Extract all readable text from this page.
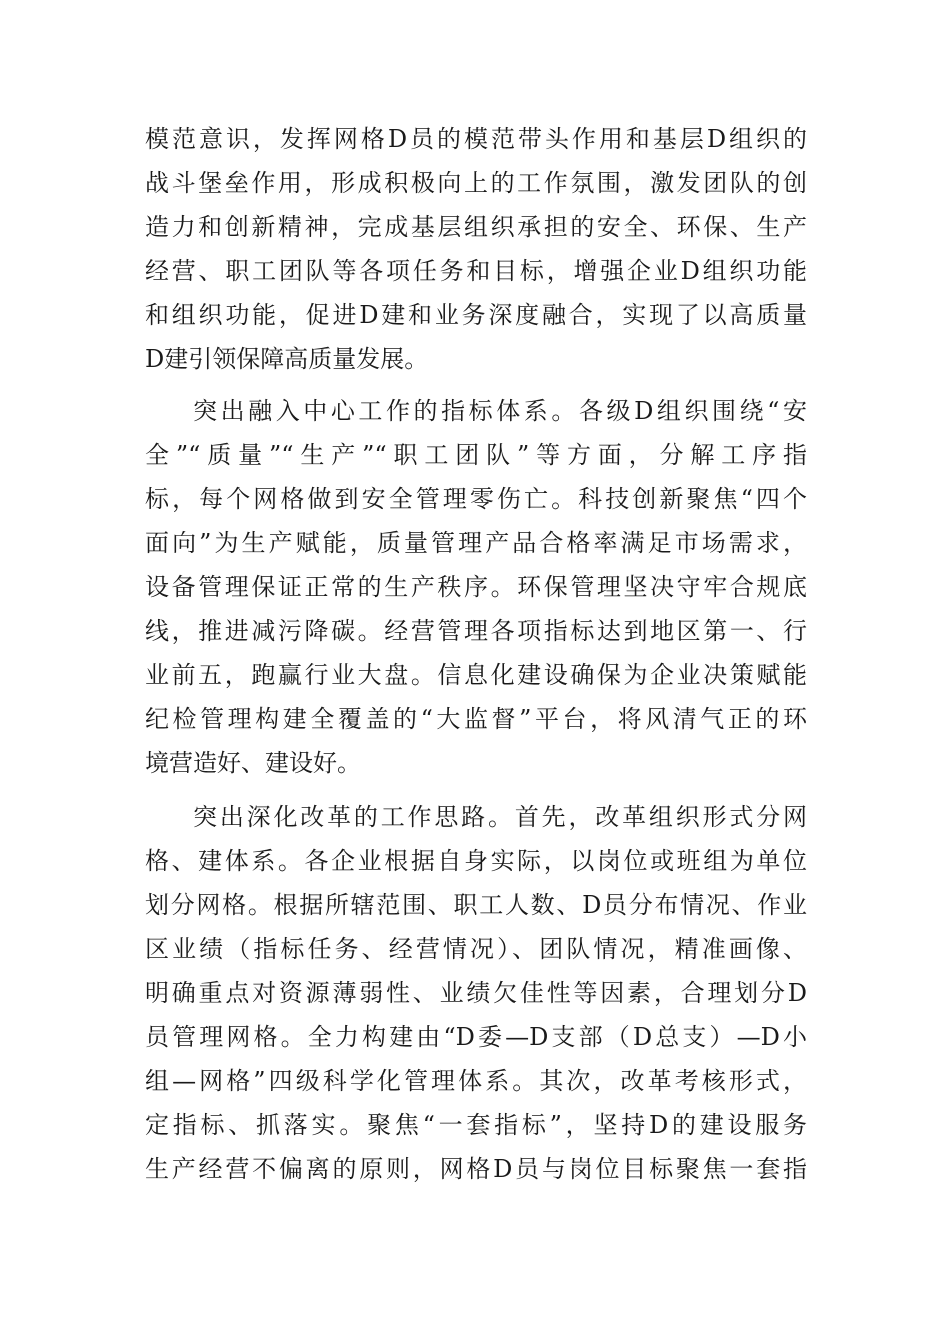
模范意识，发挥网格D员的模范带头作用和基层D组织的
战斗堡垒作用，形成积极向上的工作氛围，激发团队的创
造力和创新精神，完成基层组织承担的安全、环保、生产
经营、职工团队等各项任务和目标，增强企业D组织功能
和组织功能，促进D建和业务深度融合，实现了以高质量
D建引领保障高质量发展。
突出融入中心工作的指标体系。各级D组织围绕“安
全”“质量”“生产”“职工团队”等方面，分解工序指
标，每个网格做到安全管理零伤亡。科技创新聚焦“四个
面向”为生产赋能，质量管理产品合格率满足市场需求，
设备管理保证正常的生产秩序。环保管理坚决守牢合规底
线，推进减污降碳。经营管理各项指标达到地区第一、行
业前五，跑赢行业大盘。信息化建设确保为企业决策赋能
纪检管理构建全覆盖的“大监督”平台，将风清气正的环
境营造好、建设好。
突出深化改革的工作思路。首先，改革组织形式分网
格、建体系。各企业根据自身实际，以岗位或班组为单位
划分网格。根据所辖范围、职工人数、D员分布情况、作业
区业绩（指标任务、经营情况）、团队情况，精准画像、
明确重点对资源薄弱性、业绩欠佳性等因素，合理划分D
员管理网格。全力构建由“D委—D支部（D总支）—D小
组—网格”四级科学化管理体系。其次，改革考核形式，
定指标、抓落实。聚焦“一套指标”，坚持D的建设服务
生产经营不偏离的原则，网格D员与岗位目标聚焦一套指
